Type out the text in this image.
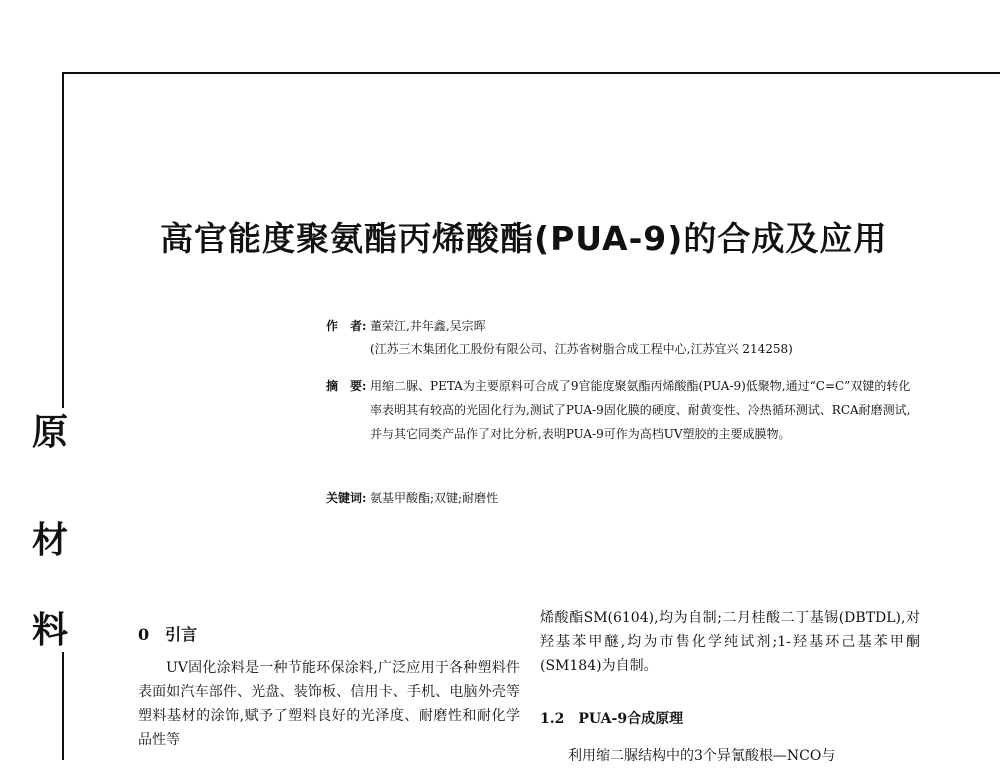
原
材
料
高官能度聚氨酯丙烯酸酯(PUA-9)的合成及应用
作　者: 董荣江,井年鑫,吴宗晖
(江苏三木集团化工股份有限公司、江苏省树脂合成工程中心,江苏宜兴 214258)
摘　要: 用缩二脲、PETA为主要原料可合成了9官能度聚氨酯丙烯酸酯(PUA-9)低聚物,通过“C=C”双键的转化率表明其有较高的光固化行为,测试了PUA-9固化膜的硬度、耐黄变性、冷热循环测试、RCA耐磨测试,并与其它同类产品作了对比分析,表明PUA-9可作为高档UV塑胶的主要成膜物。
关键词: 氨基甲酸酯;双键;耐磨性
0　引言

UV固化涂料是一种节能环保涂料,广泛应用于各种塑料件表面如汽车部件、光盘、装饰板、信用卡、手机、电脑外壳等塑料基材的涂饰,赋予了塑料良好的光泽度、耐磨性和耐化学品性等

烯酸酯SM(6104),均为自制;二月桂酸二丁基锡(DBTDL),对羟基苯甲醚,均为市售化学纯试剂;1-羟基环己基苯甲酮(SM184)为自制。

1.2　PUA-9合成原理

利用缩二脲结构中的3个异氰酸根—NCO与
